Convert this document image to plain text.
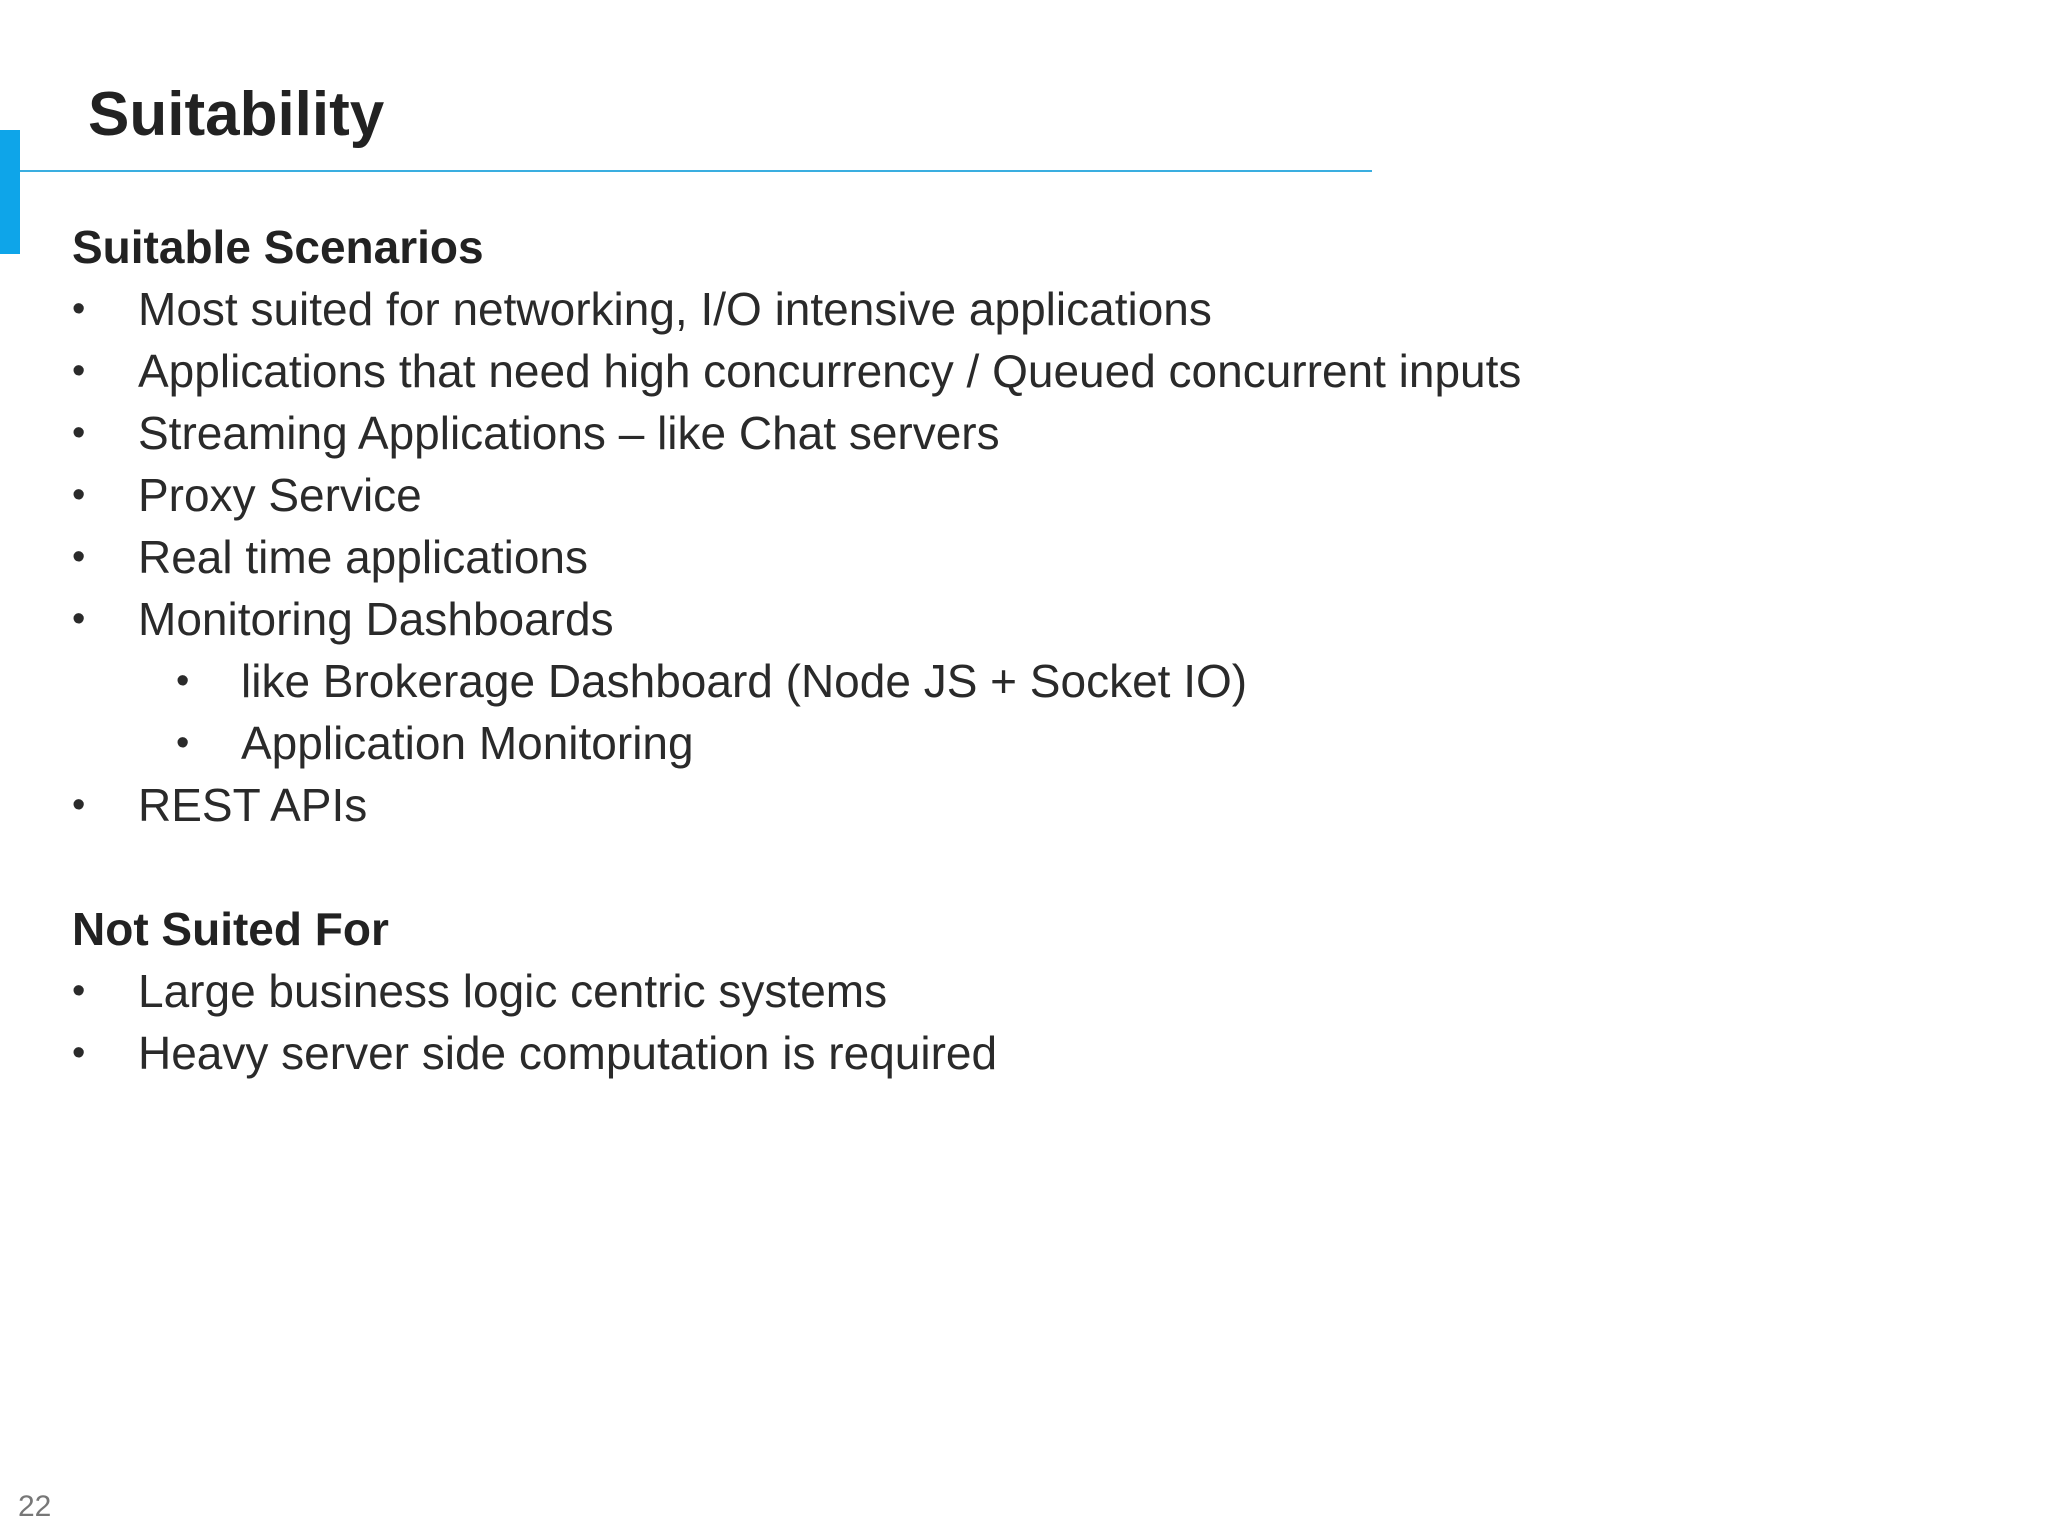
Suitability
Suitable Scenarios
•	Most suited for networking, I/O intensive applications
•	Applications that need high concurrency / Queued concurrent inputs
•	Streaming Applications – like Chat servers
•	Proxy Service
•	Real time applications
•	Monitoring Dashboards
•	like Brokerage Dashboard (Node JS + Socket IO)
•	Application Monitoring
•	REST APIs
Not Suited For
•	Large business logic centric systems
•	Heavy server side computation is required
22
